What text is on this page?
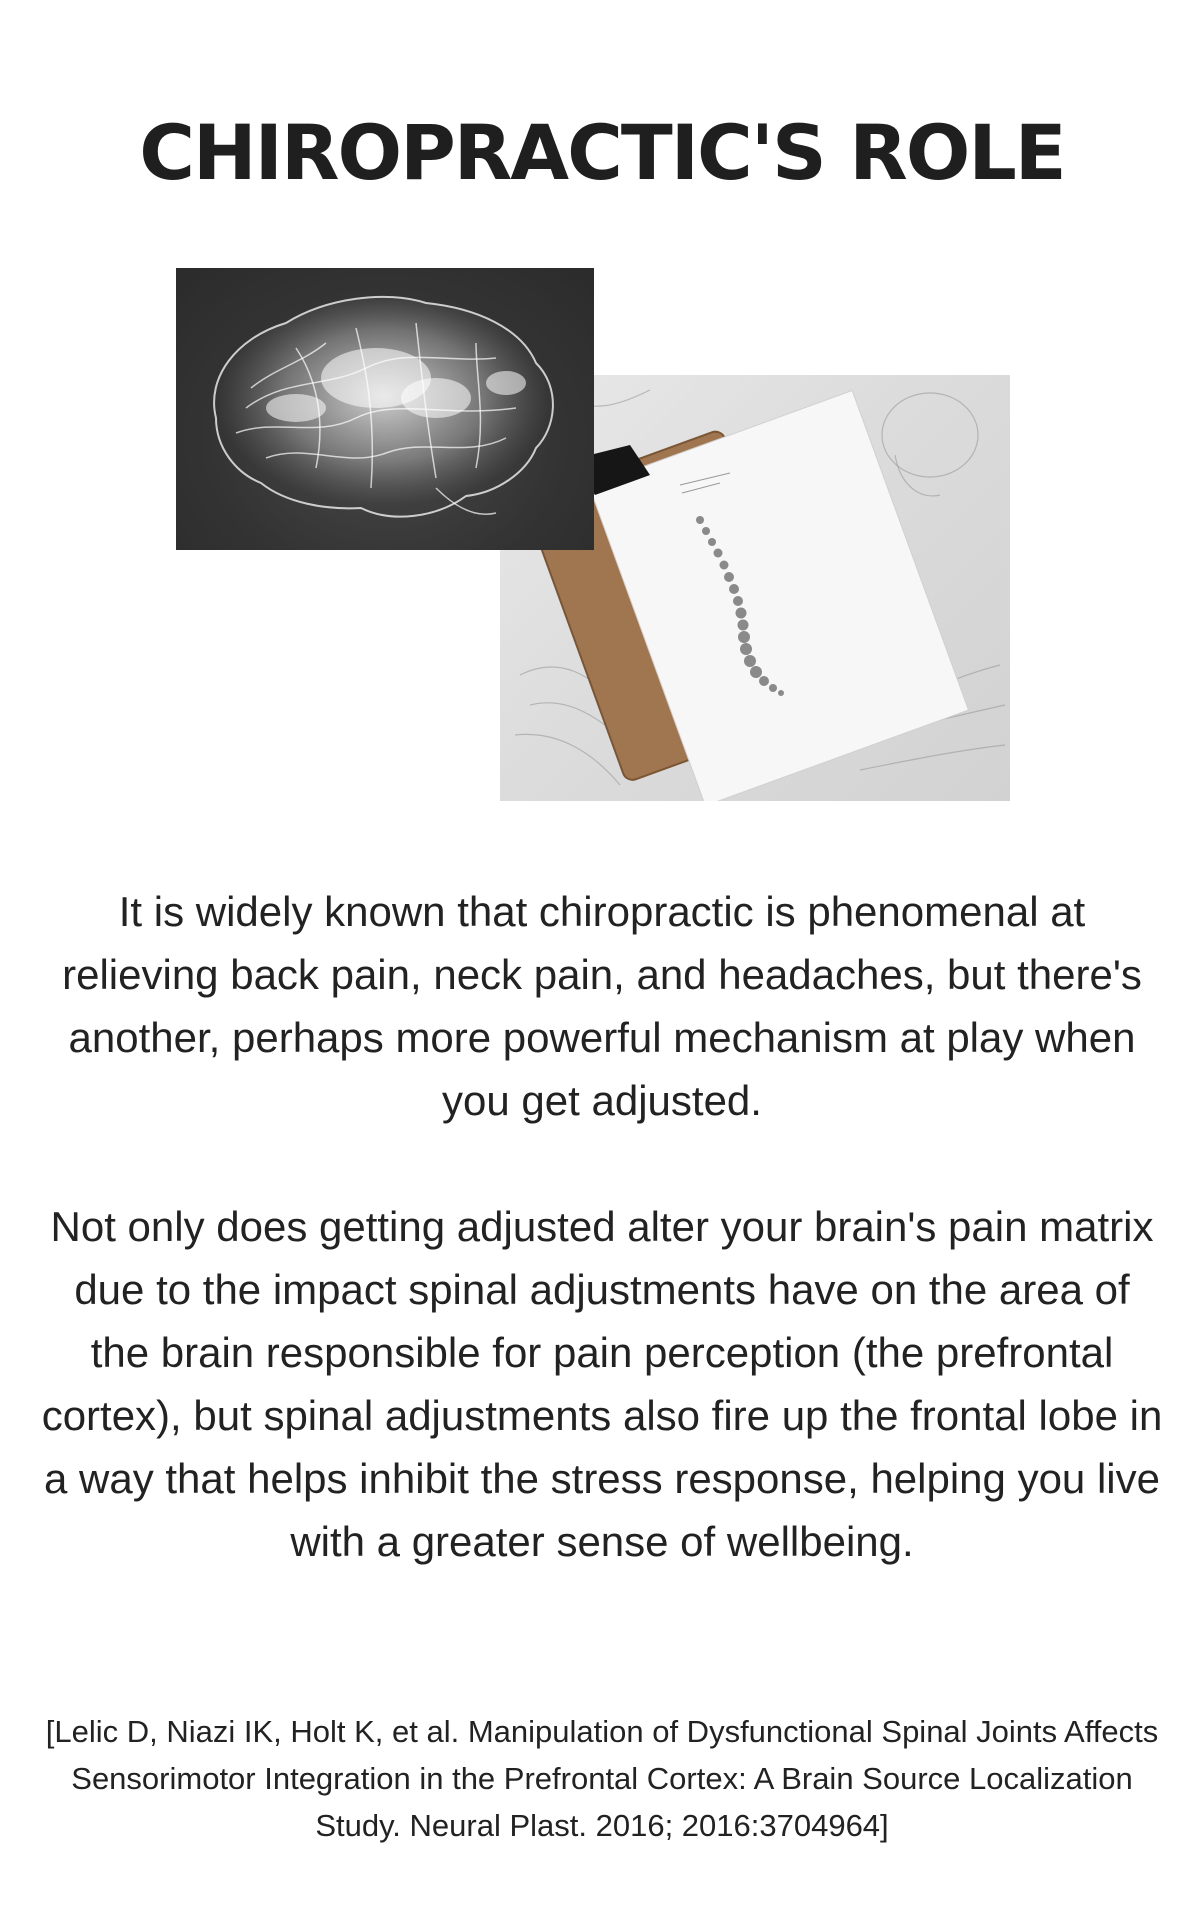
CHIROPRACTIC'S ROLE
It is widely known that chiropractic is phenomenal at relieving back pain, neck pain, and headaches, but there's another, perhaps more powerful mechanism at play when you get adjusted.
Not only does getting adjusted alter your brain's pain matrix due to the impact spinal adjustments have on the area of the brain responsible for pain perception (the prefrontal cortex), but spinal adjustments also fire up the frontal lobe in a way that helps inhibit the stress response, helping you live with a greater sense of wellbeing.
[Lelic D, Niazi IK, Holt K, et al. Manipulation of Dysfunctional Spinal Joints Affects Sensorimotor Integration in the Prefrontal Cortex: A Brain Source Localization Study. Neural Plast. 2016; 2016:3704964]
